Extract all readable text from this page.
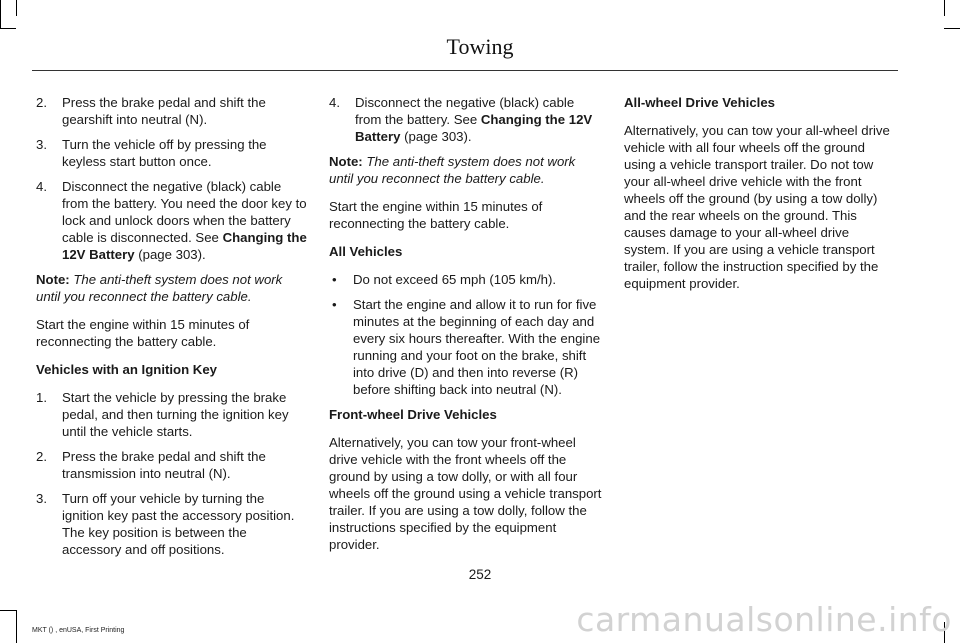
Towing
2. Press the brake pedal and shift the gearshift into neutral (N).
3. Turn the vehicle off by pressing the keyless start button once.
4. Disconnect the negative (black) cable from the battery. You need the door key to lock and unlock doors when the battery cable is disconnected. See Changing the 12V Battery (page 303).

Note: The anti-theft system does not work until you reconnect the battery cable.

Start the engine within 15 minutes of reconnecting the battery cable.

Vehicles with an Ignition Key

1. Start the vehicle by pressing the brake pedal, and then turning the ignition key until the vehicle starts.
2. Press the brake pedal and shift the transmission into neutral (N).
3. Turn off your vehicle by turning the ignition key past the accessory position. The key position is between the accessory and off positions.
4. Disconnect the negative (black) cable from the battery. See Changing the 12V Battery (page 303).

Note: The anti-theft system does not work until you reconnect the battery cable.

Start the engine within 15 minutes of reconnecting the battery cable.

All Vehicles

• Do not exceed 65 mph (105 km/h).
• Start the engine and allow it to run for five minutes at the beginning of each day and every six hours thereafter. With the engine running and your foot on the brake, shift into drive (D) and then into reverse (R) before shifting back into neutral (N).

Front-wheel Drive Vehicles

Alternatively, you can tow your front-wheel drive vehicle with the front wheels off the ground by using a tow dolly, or with all four wheels off the ground using a vehicle transport trailer. If you are using a tow dolly, follow the instructions specified by the equipment provider.

All-wheel Drive Vehicles

Alternatively, you can tow your all-wheel drive vehicle with all four wheels off the ground using a vehicle transport trailer. Do not tow your all-wheel drive vehicle with the front wheels off the ground (by using a tow dolly) and the rear wheels on the ground. This causes damage to your all-wheel drive system. If you are using a vehicle transport trailer, follow the instruction specified by the equipment provider.

252
MKT () , enUSA, First Printing	carmanualsonline.info
